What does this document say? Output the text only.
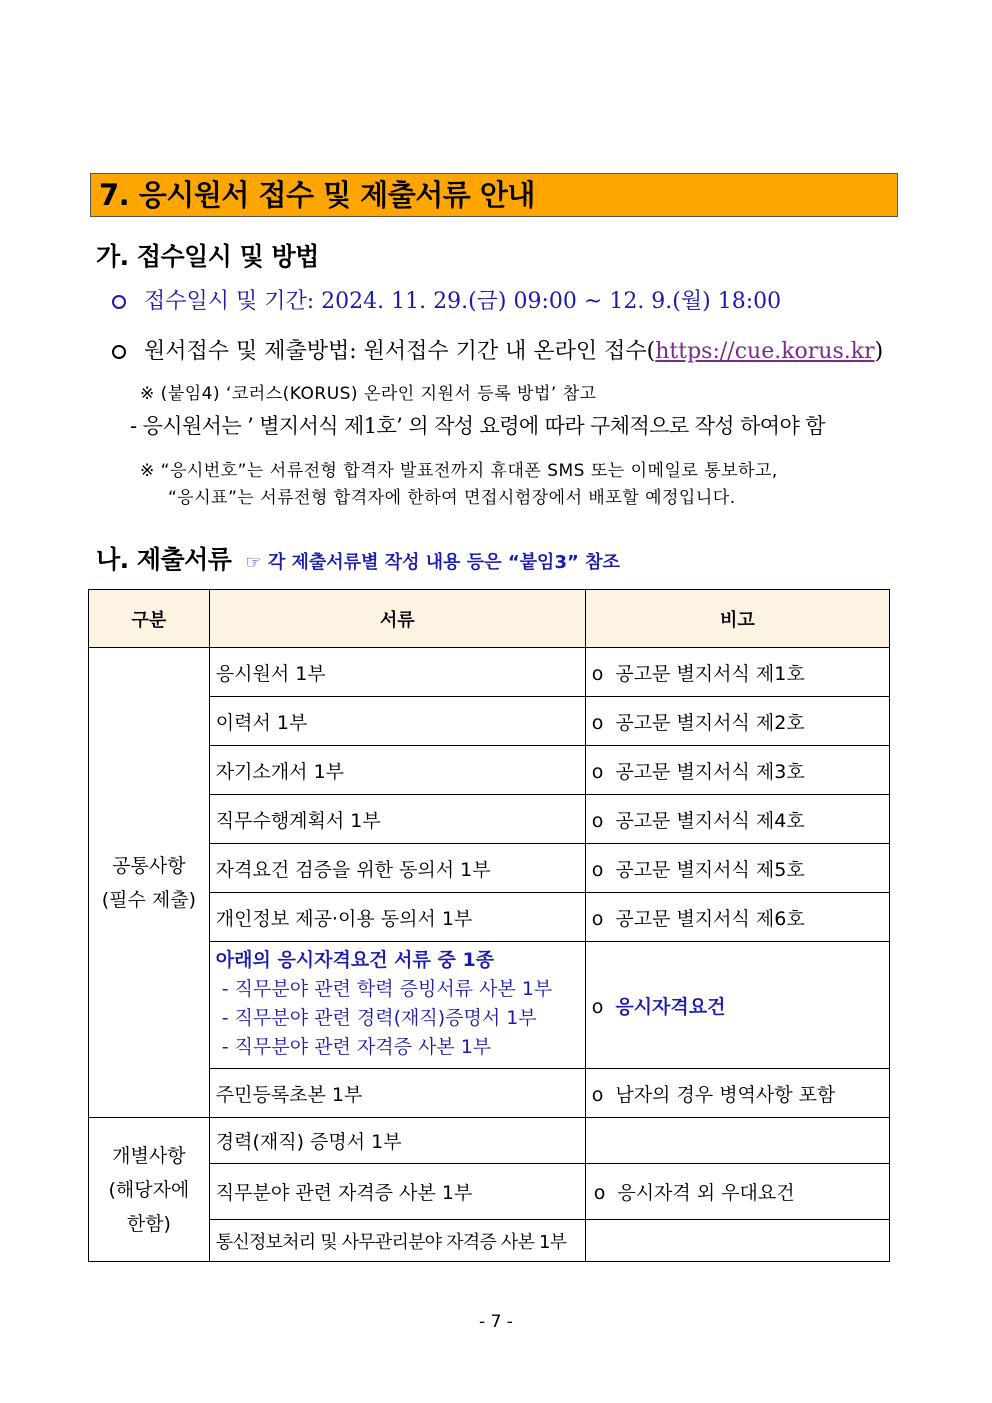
7. 응시원서 접수 및 제출서류 안내
가. 접수일시 및 방법
접수일시 및 기간: 2024. 11. 29.(금) 09:00 ~ 12. 9.(월) 18:00
원서접수 및 제출방법: 원서접수 기간 내 온라인 접수(https://cue.korus.kr)
※ (붙임4) ‘코러스(KORUS) 온라인 지원서 등록 방법’ 참고
- 응시원서는 ’ 별지서식 제1호’ 의 작성 요령에 따라 구체적으로 작성 하여야 함
※ “응시번호”는 서류전형 합격자 발표전까지 휴대폰 SMS 또는 이메일로 통보하고,
“응시표”는 서류전형 합격자에 한하여 면접시험장에서 배포할 예정입니다.
나. 제출서류 ☞ 각 제출서류별 작성 내용 등은 “붙임3” 참조
구분	서류	비고

공통사항
(필수 제출)	응시원서 1부	o 공고문 별지서식 제1호
	이력서 1부	o 공고문 별지서식 제2호
	자기소개서 1부	o 공고문 별지서식 제3호
	직무수행계획서 1부	o 공고문 별지서식 제4호
	자격요건 검증을 위한 동의서 1부	o 공고문 별지서식 제5호
	개인정보 제공·이용 동의서 1부	o 공고문 별지서식 제6호

	아래의 응시자격요건 서류 중 1종
- 직무분야 관련 학력 증빙서류 사본 1부
- 직무분야 관련 경력(재직)증명서 1부
- 직무분야 관련 자격증 사본 1부	o 응시자격요건
	주민등록초본 1부	o 남자의 경우 병역사항 포함

개별사항
(해당자에
한함)	경력(재직) 증명서 1부	
	직무분야 관련 자격증 사본 1부	o 응시자격 외 우대요건
	통신정보처리 및 사무관리분야 자격증 사본 1부	
- 7 -
